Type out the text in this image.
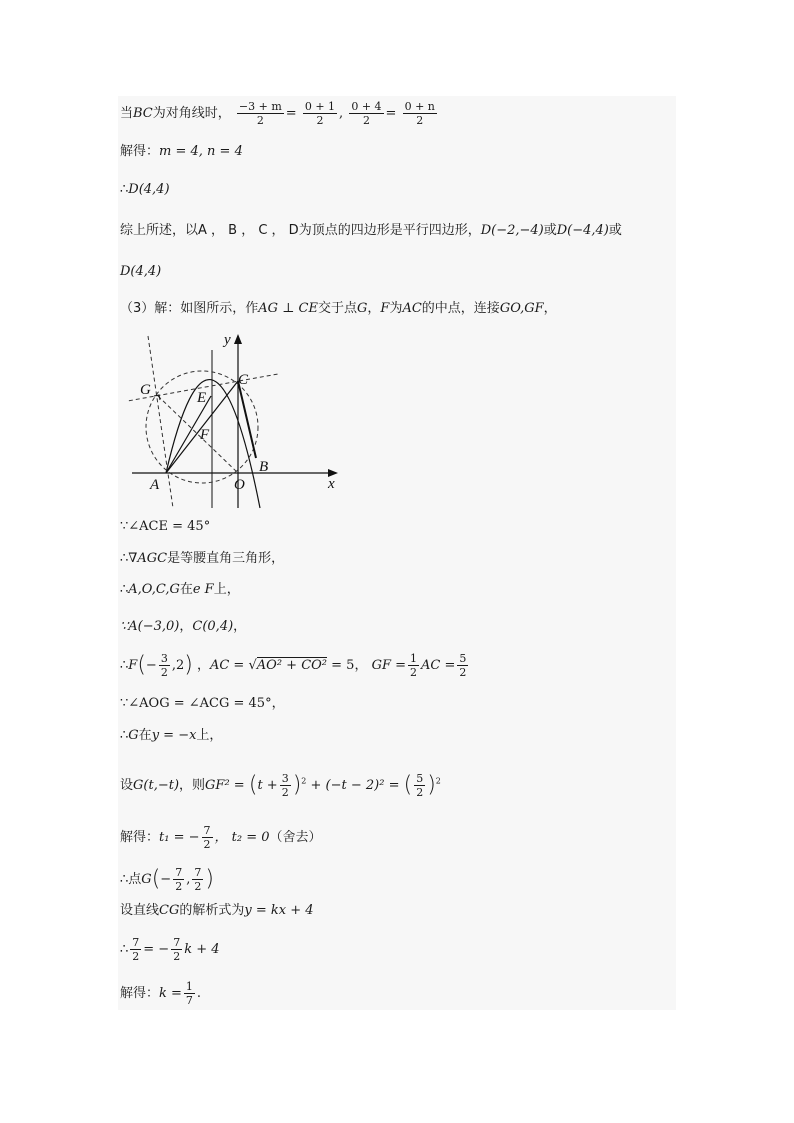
当BC为对角线时， $\frac{-3 + m}{2} = \frac{0 + 1}{2}$ , $\frac{0 + 4}{2} = \frac{0 + n}{2}$
解得：m = 4, n = 4
∴D(4,4)
综上所述，以A ， B ， C ， D为顶点的四边形是平行四边形，D(−2,−4)或D(−4,4)或
D(4,4)
（3）解：如图所示，作AG ⊥ CE交于点G，F为AC的中点，连接GO,GF，
y
x
C
G	E
F
B
A	O
∵∠ACE = 45°
∴∇AGC是等腰直角三角形，
∴A,O,C,G在e F上，
∵A(−3,0)，C(0,4)，
∴F(− $\frac{3}{2} ,2$) ，AC = √AO² + CO² = 5， GF = $\frac{1}{2}$ AC = $\frac{5}{2}$
∵∠AOG = ∠ACG = 45°，
∴G在y = −x上，
设G(t,−t)，则$GF^2 = (t + \frac{3}{2} )^2 + (-t - 2)^2$ = ( $\frac{5}{2} )^2$
解得：t₁ = − $\frac{7}{2}$ ， t₂ = 0（舍去）
∴点$G(- \frac{7}{2}$ , $\frac{7}{2}$ )
设直线CG的解析式为y = kx + 4
∴ $\frac{7}{2}$ = − $\frac{7}{2}$ k + 4
解得：$k = \frac{1}{7}$ .
